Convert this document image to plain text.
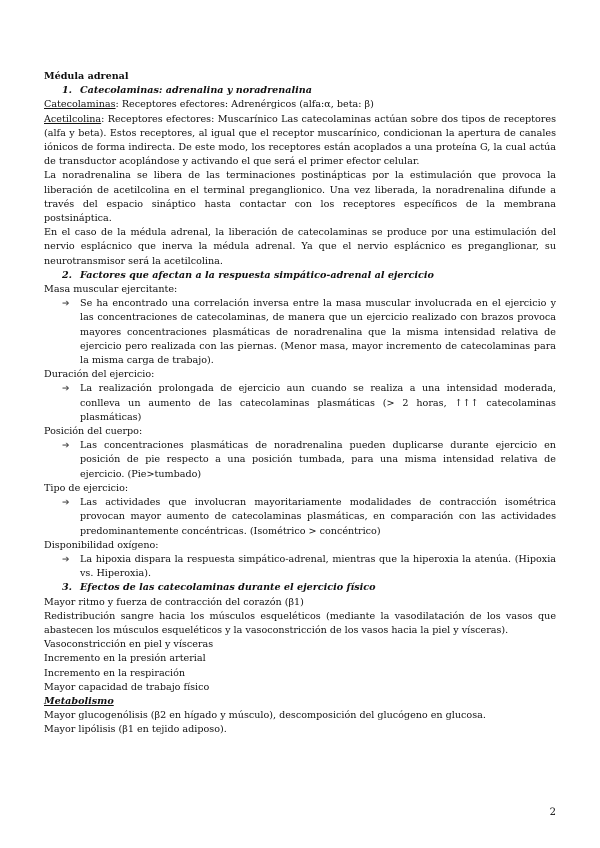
Médula adrenal

1. Catecolaminas: adrenalina y noradrenalina

Catecolaminas: Receptores efectores: Adrenérgicos (alfa:α, beta: β)

Acetilcolina: Receptores efectores: Muscarínico Las catecolaminas actúan sobre dos tipos de receptores (alfa y beta). Estos receptores, al igual que el receptor muscarínico, condicionan la apertura de canales iónicos de forma indirecta. De este modo, los receptores están acoplados a una proteína G, la cual actúa de transductor acoplándose y activando el que será el primer efector celular.

La noradrenalina se libera de las terminaciones postinápticas por la estimulación que provoca la liberación de acetilcolina en el terminal preganglionico. Una vez liberada, la noradrenalina difunde a través del espacio sináptico hasta contactar con los receptores específicos de la membrana postsináptica.

En el caso de la médula adrenal, la liberación de catecolaminas se produce por una estimulación del nervio esplácnico que inerva la médula adrenal. Ya que el nervio esplácnico es preganglionar, su neurotransmisor será la acetilcolina.

2. Factores que afectan a la respuesta simpático-adrenal al ejercicio

Masa muscular ejercitante:

➔ Se ha encontrado una correlación inversa entre la masa muscular involucrada en el ejercicio y las concentraciones de catecolaminas, de manera que un ejercicio realizado con brazos provoca mayores concentraciones plasmáticas de noradrenalina que la misma intensidad relativa de ejercicio pero realizada con las piernas. (Menor masa, mayor incremento de catecolaminas para la misma carga de trabajo).

Duración del ejercicio:

➔ La realización prolongada de ejercicio aun cuando se realiza a una intensidad moderada, conlleva un aumento de las catecolaminas plasmáticas (> 2 horas, ↑↑↑ catecolaminas plasmáticas)

Posición del cuerpo:

➔ Las concentraciones plasmáticas de noradrenalina pueden duplicarse durante ejercicio en posición de pie respecto a una posición tumbada, para una misma intensidad relativa de ejercicio. (Pie>tumbado)

Tipo de ejercicio:

➔ Las actividades que involucran mayoritariamente modalidades de contracción isométrica provocan mayor aumento de catecolaminas plasmáticas, en comparación con las actividades predominantemente concéntricas. (Isométrico > concéntrico)

Disponibilidad oxígeno:

➔ La hipoxia dispara la respuesta simpático-adrenal, mientras que la hiperoxia la atenúa. (Hipoxia vs. Hiperoxia).

3. Efectos de las catecolaminas durante el ejercicio físico

Mayor ritmo y fuerza de contracción del corazón (β1)

Redistribución sangre hacia los músculos esqueléticos (mediante la vasodilatación de los vasos que abastecen los músculos esqueléticos y la vasoconstricción de los vasos hacia la piel y vísceras).

Vasoconstricción en piel y vísceras

Incremento en la presión arterial

Incremento en la respiración

Mayor capacidad de trabajo físico

Metabolismo

Mayor glucogenólisis (β2 en hígado y músculo), descomposición del glucógeno en glucosa.

Mayor lipólisis (β1 en tejido adiposo).

2
